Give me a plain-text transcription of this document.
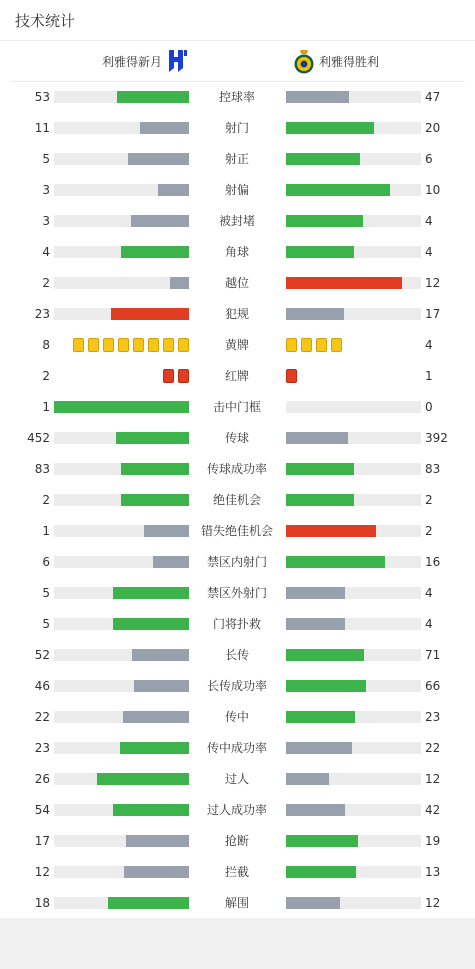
技术统计
利雅得新月	利雅得胜利
53	控球率	47
11	射门	20
5	射正	6
3	射偏	10
3	被封堵	4
4	角球	4
2	越位	12
23	犯规	17
8	黄牌	4
2	红牌	1
1	击中门框	0
452	传球	392
83	传球成功率	83
2	绝佳机会	2
1	错失绝佳机会	2
6	禁区内射门	16
5	禁区外射门	4
5	门将扑救	4
52	长传	71
46	长传成功率	66
22	传中	23
23	传中成功率	22
26	过人	12
54	过人成功率	42
17	抢断	19
12	拦截	13
18	解围	12
